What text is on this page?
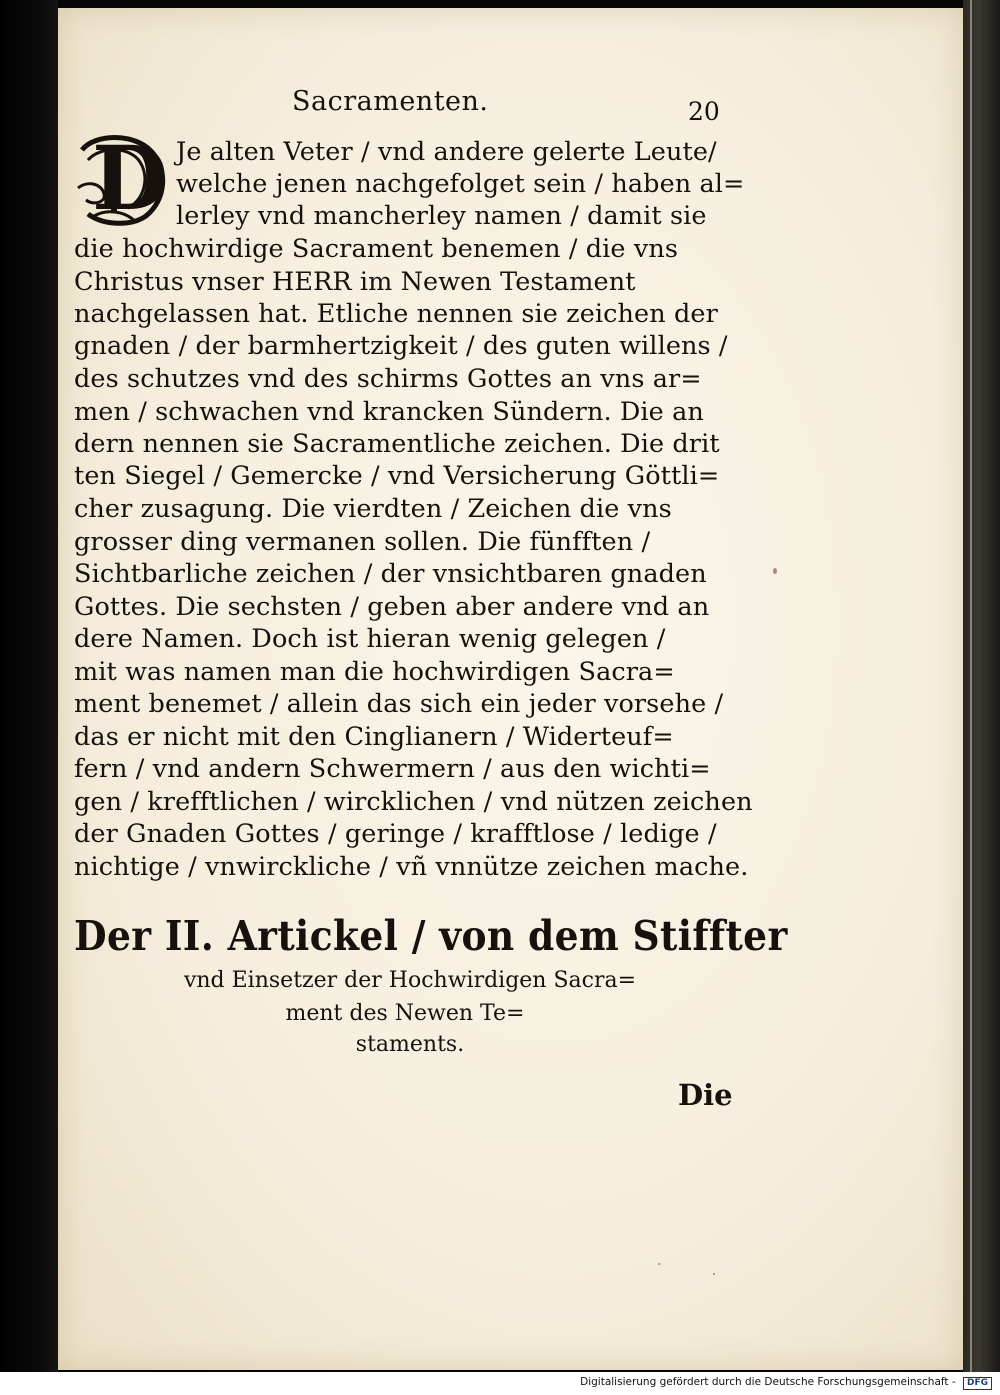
Sacramenten.	20
D Je alten Veter / vnd andere gelerte Leute/
welche jenen nachgefolget sein / haben al=
lerley vnd mancherley namen / damit sie
die hochwirdige Sacrament benemen / die vns
Christus vnser HERR im Newen Testament
nachgelassen hat. Etliche nennen sie zeichen der
gnaden / der barmhertzigkeit / des guten willens /
des schutzes vnd des schirms Gottes an vns ar=
men / schwachen vnd krancken Sündern. Die an
dern nennen sie Sacramentliche zeichen. Die drit
ten Siegel / Gemercke / vnd Versicherung Göttli=
cher zusagung. Die vierdten / Zeichen die vns
grosser ding vermanen sollen. Die fünfften /
Sichtbarliche zeichen / der vnsichtbaren gnaden
Gottes. Die sechsten / geben aber andere vnd an
dere Namen. Doch ist hieran wenig gelegen /
mit was namen man die hochwirdigen Sacra=
ment benemet / allein das sich ein jeder vorsehe /
das er nicht mit den Cinglianern / Widerteuf=
fern / vnd andern Schwermern / aus den wichti=
gen / krefftlichen / wircklichen / vnd nützen zeichen
der Gnaden Gottes / geringe / krafftlose / ledige /
nichtige / vnwirckliche / vñ vnnütze zeichen mache.
Der II. Artickel / von dem Stiffter
vnd Einsetzer der Hochwirdigen Sacra=
ment des Newen Te=
staments.
Die
Digitalisierung gefördert durch die Deutsche Forschungsgemeinschaft - DFG
